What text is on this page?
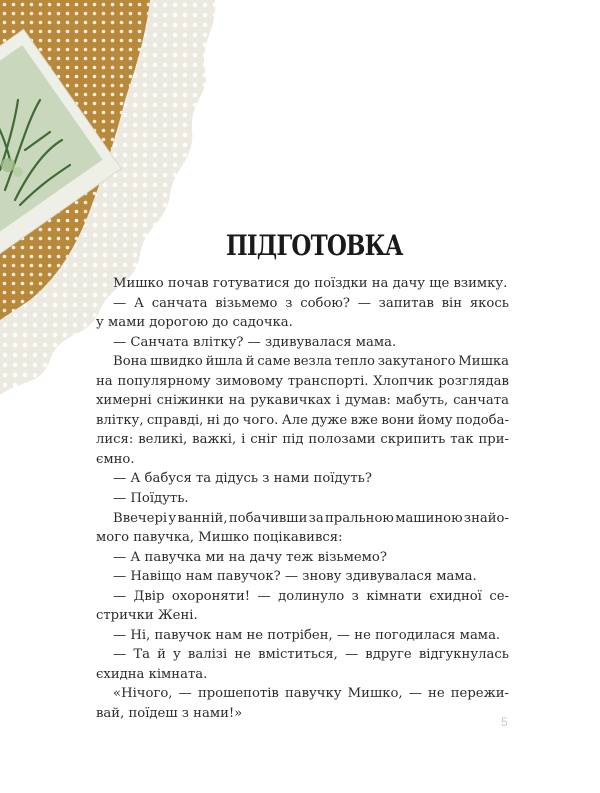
ПІДГОТОВКА
Мишко почав готуватися до поїздки на дачу ще взимку.
— А санчата візьмемо з собою? — запитав він якось
у мами дорогою до садочка.
— Санчата влітку? — здивувалася мама.
Вона швидко йшла й саме везла тепло закутаного Мишка
на популярному зимовому транспорті. Хлопчик розглядав
химерні сніжинки на рукавичках і думав: мабуть, санчата
влітку, справді, ні до чого. Але дуже вже вони йому подоба-
лися: великі, важкі, і сніг під полозами скрипить так при-
ємно.
— А бабуся та дідусь з нами поїдуть?
— Поїдуть.
Ввечері у ванній, побачивши за пральною машиною знайо-
мого павучка, Мишко поцікавився:
— А павучка ми на дачу теж візьмемо?
— Навіщо нам павучок? — знову здивувалася мама.
— Двір охороняти! — долинуло з кімнати єхидної се-
стрички Жені.
— Ні, павучок нам не потрібен, — не погодилася мама.
— Та й у валізі не вміститься, — вдруге відгукнулась
єхидна кімната.
«Нічого, — прошепотів павучку Мишко, — не пережи-
вай, поїдеш з нами!»
5
